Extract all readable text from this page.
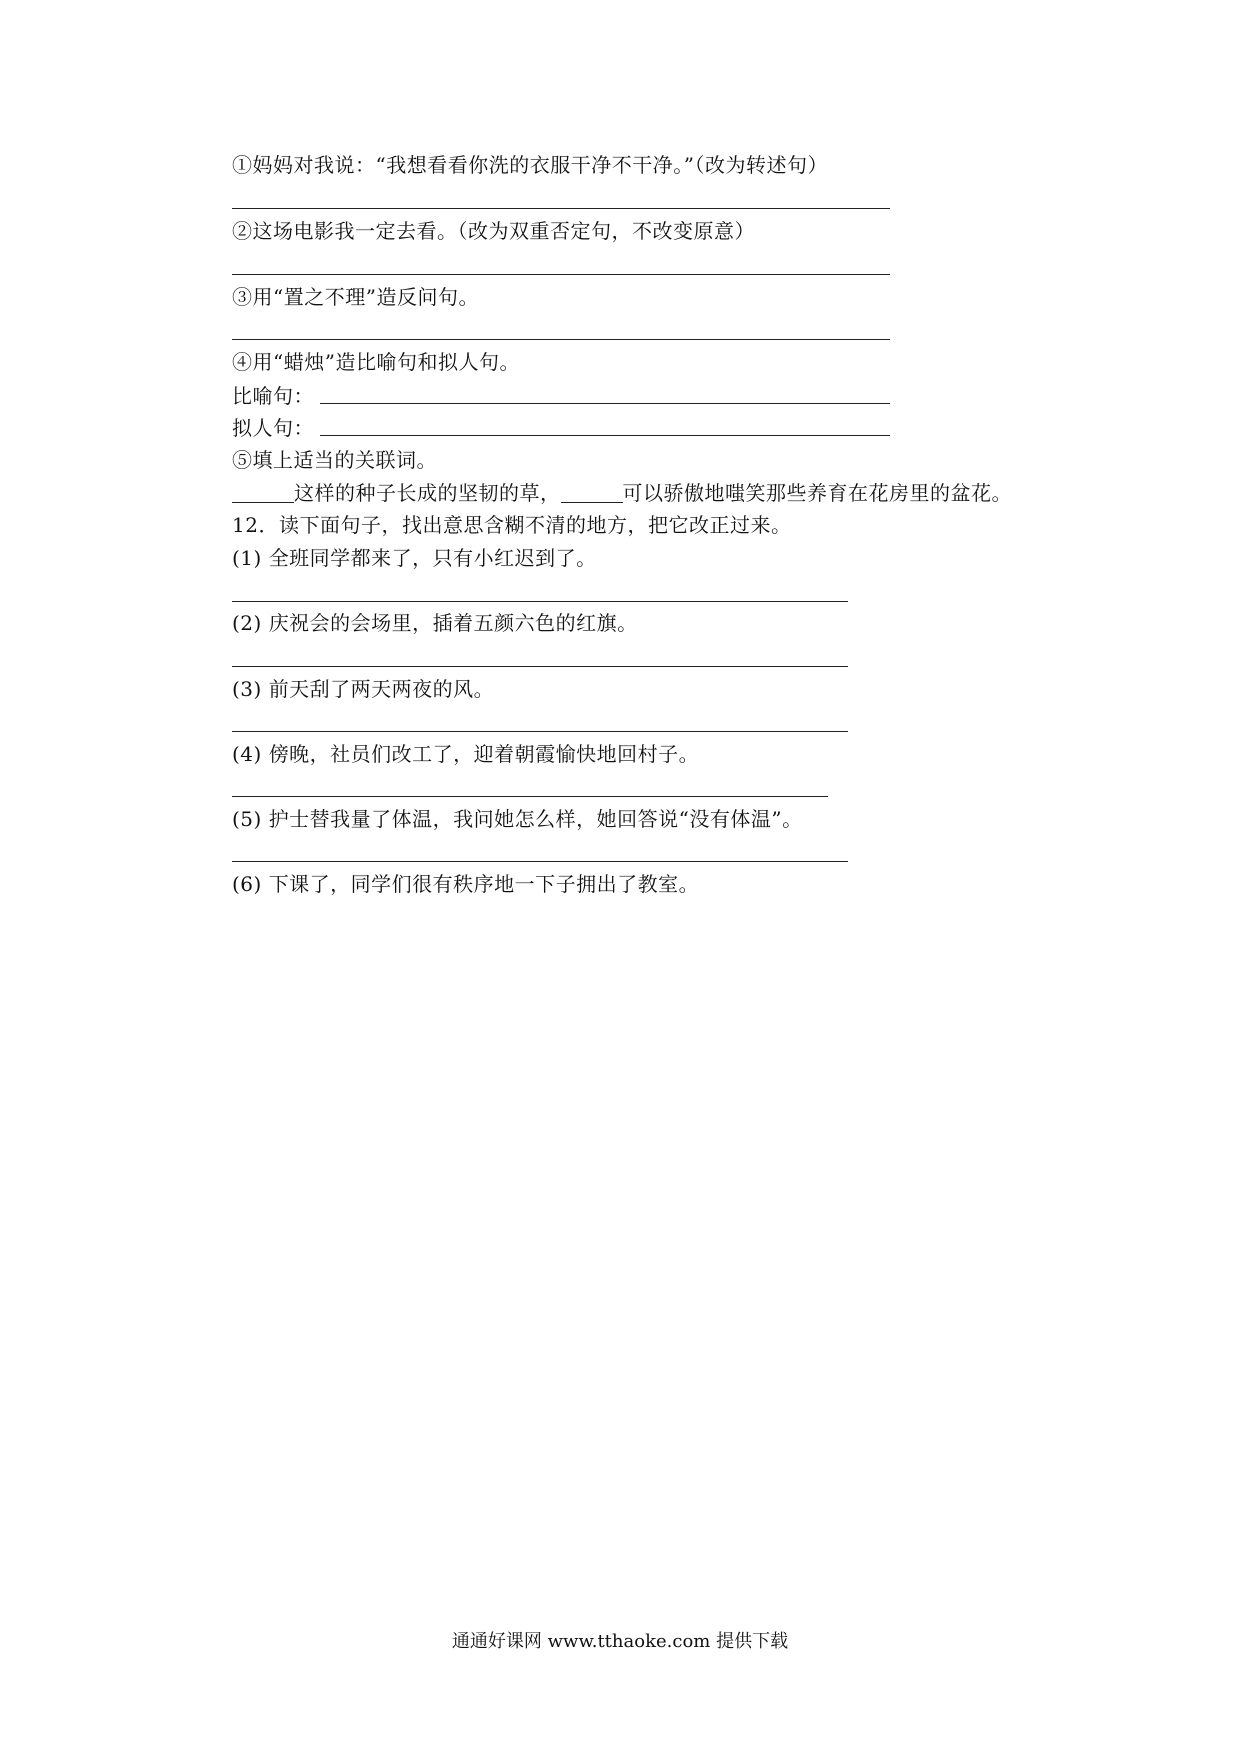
①妈妈对我说：“我想看看你洗的衣服干净不干净。”（改为转述句）
②这场电影我一定去看。（改为双重否定句，不改变原意）
③用“置之不理”造反问句。
④用“蜡烛”造比喻句和拟人句。
比喻句：
拟人句：
⑤填上适当的关联词。
这样的种子长成的坚韧的草，	可以骄傲地嗤笑那些养育在花房里的盆花。
12．读下面句子，找出意思含糊不清的地方，把它改正过来。
(1) 全班同学都来了，只有小红迟到了。
(2) 庆祝会的会场里，插着五颜六色的红旗。
(3) 前天刮了两天两夜的风。
(4) 傍晚，社员们改工了，迎着朝霞愉快地回村子。
(5) 护士替我量了体温，我问她怎么样，她回答说“没有体温”。
(6) 下课了，同学们很有秩序地一下子拥出了教室。
通通好课网 www.tthaoke.com 提供下载
